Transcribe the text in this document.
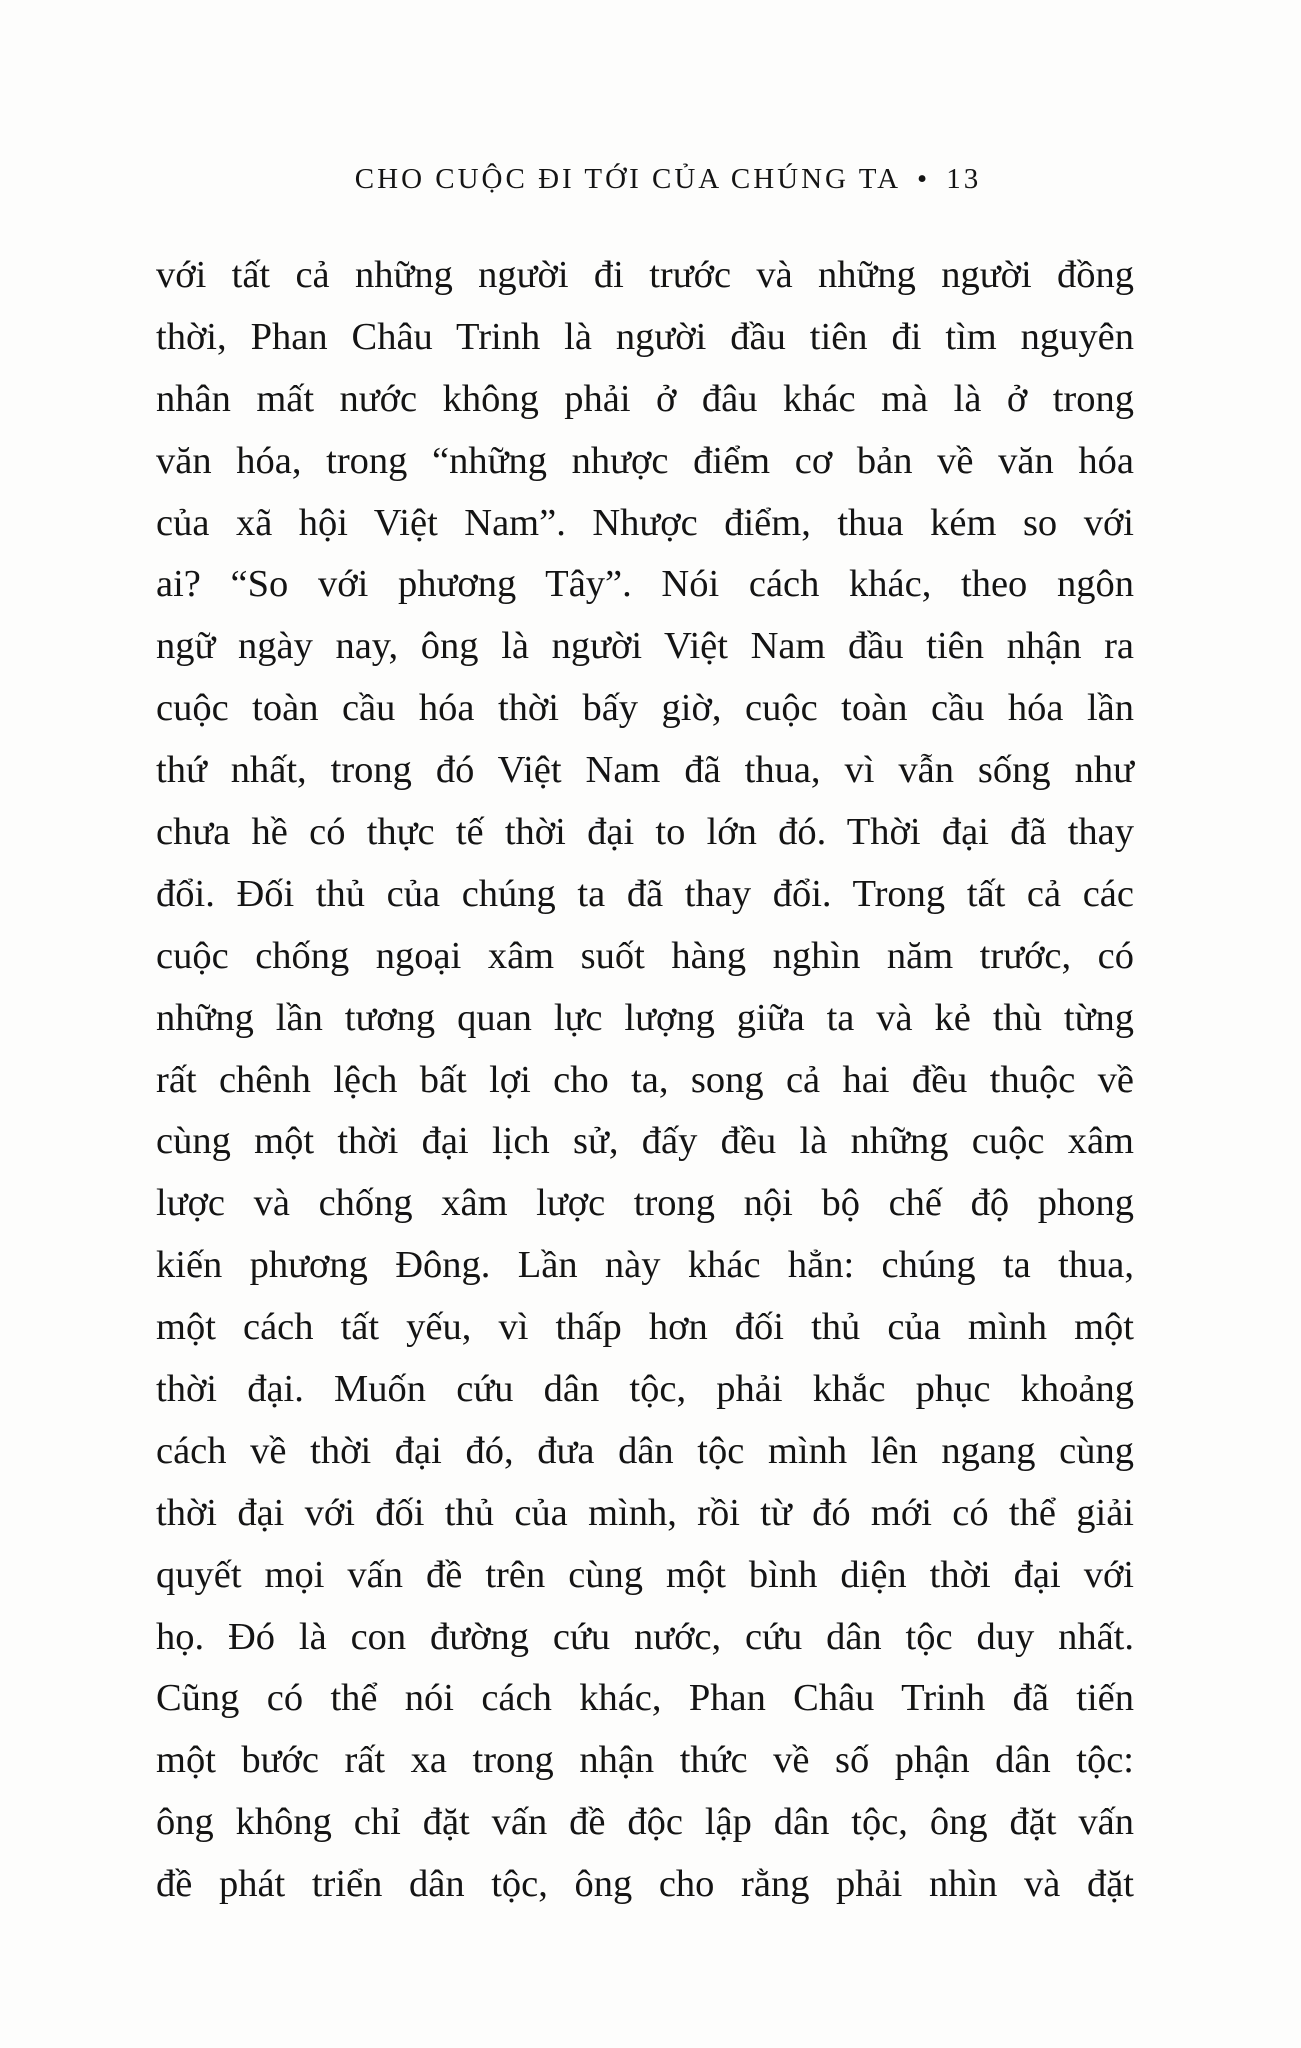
CHO CUỘC ĐI TỚI CỦA CHÚNG TA • 13
với tất cả những người đi trước và những người đồng
thời, Phan Châu Trinh là người đầu tiên đi tìm nguyên
nhân mất nước không phải ở đâu khác mà là ở trong
văn hóa, trong “những nhược điểm cơ bản về văn hóa
của xã hội Việt Nam”. Nhược điểm, thua kém so với
ai? “So với phương Tây”. Nói cách khác, theo ngôn
ngữ ngày nay, ông là người Việt Nam đầu tiên nhận ra
cuộc toàn cầu hóa thời bấy giờ, cuộc toàn cầu hóa lần
thứ nhất, trong đó Việt Nam đã thua, vì vẫn sống như
chưa hề có thực tế thời đại to lớn đó. Thời đại đã thay
đổi. Đối thủ của chúng ta đã thay đổi. Trong tất cả các
cuộc chống ngoại xâm suốt hàng nghìn năm trước, có
những lần tương quan lực lượng giữa ta và kẻ thù từng
rất chênh lệch bất lợi cho ta, song cả hai đều thuộc về
cùng một thời đại lịch sử, đấy đều là những cuộc xâm
lược và chống xâm lược trong nội bộ chế độ phong
kiến phương Đông. Lần này khác hẳn: chúng ta thua,
một cách tất yếu, vì thấp hơn đối thủ của mình một
thời đại. Muốn cứu dân tộc, phải khắc phục khoảng
cách về thời đại đó, đưa dân tộc mình lên ngang cùng
thời đại với đối thủ của mình, rồi từ đó mới có thể giải
quyết mọi vấn đề trên cùng một bình diện thời đại với
họ. Đó là con đường cứu nước, cứu dân tộc duy nhất.
Cũng có thể nói cách khác, Phan Châu Trinh đã tiến
một bước rất xa trong nhận thức về số phận dân tộc:
ông không chỉ đặt vấn đề độc lập dân tộc, ông đặt vấn
đề phát triển dân tộc, ông cho rằng phải nhìn và đặt
